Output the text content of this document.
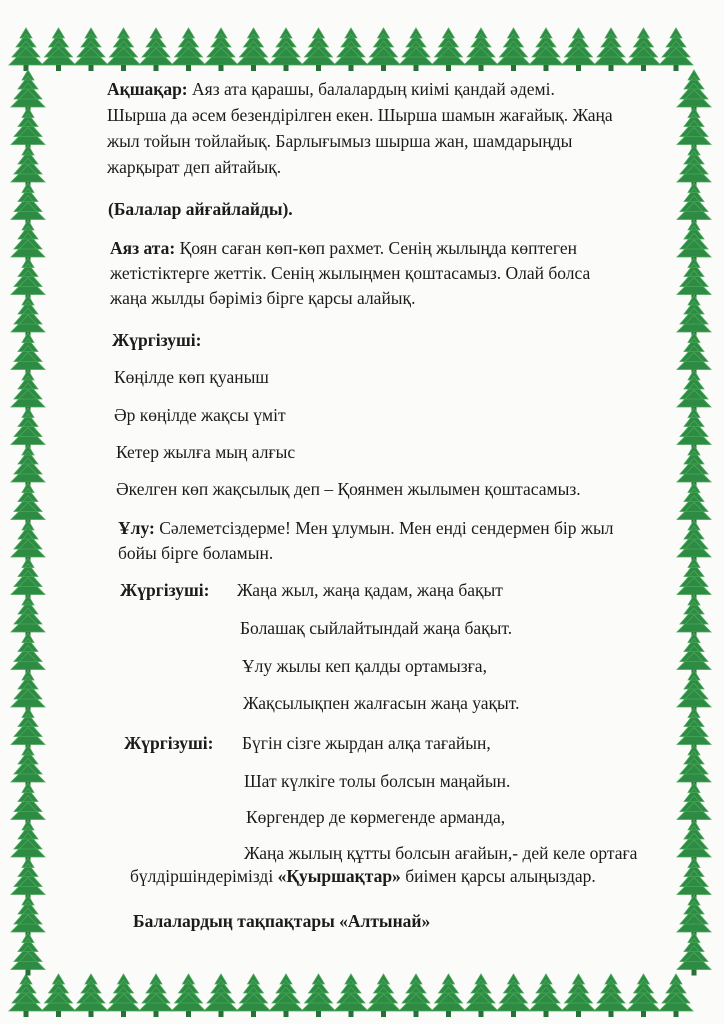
Ақшақар: Аяз ата қарашы, балалардың киімі қандай әдемі.
Шырша да әсем безендірілген екен. Шырша шамын жағайық. Жаңа
жыл тойын тойлайық. Барлығымыз шырша жан, шамдарыңды
жарқырат деп айтайық.
(Балалар айғайлайды).
Аяз ата: Қоян саған көп-көп рахмет. Сенің жылыңда көптеген
жетістіктерге жеттік. Сенің жылыңмен қоштасамыз. Олай болса
жаңа жылды бәріміз бірге қарсы алайық.
Жүргізуші:
Көңілде көп қуаныш
Әр көңілде жақсы үміт
Кетер жылға мың алғыс
Әкелген көп жақсылық деп – Қоянмен жылымен қоштасамыз.
Ұлу: Сәлеметсіздерме! Мен ұлумын. Мен енді сендермен бір жыл
бойы бірге боламын.
Жүргізуші: Жаңа жыл, жаңа қадам, жаңа бақыт
Болашақ сыйлайтындай жаңа бақыт.
Ұлу жылы кеп қалды ортамызға,
Жақсылықпен жалғасын жаңа уақыт.
Жүргізуші: Бүгін сізге жырдан алқа тағайын,
Шат күлкіге толы болсын маңайын.
Көргендер де көрмегенде арманда,
Жаңа жылың құтты болсын ағайын,- дей келе ортаға
бүлдіршіндерімізді «Қуыршақтар» биімен қарсы алыңыздар.
Балалардың тақпақтары «Алтынай»
